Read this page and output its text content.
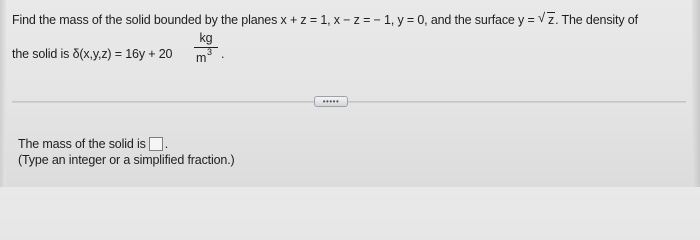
Find the mass of the solid bounded by the planes x + z = 1, x − z = − 1, y = 0, and the surface y = √ z. The density of
the solid is δ(x,y,z) = 16y + 20
kg
m 3 .
•••••
The mass of the solid is .
(Type an integer or a simplified fraction.)
